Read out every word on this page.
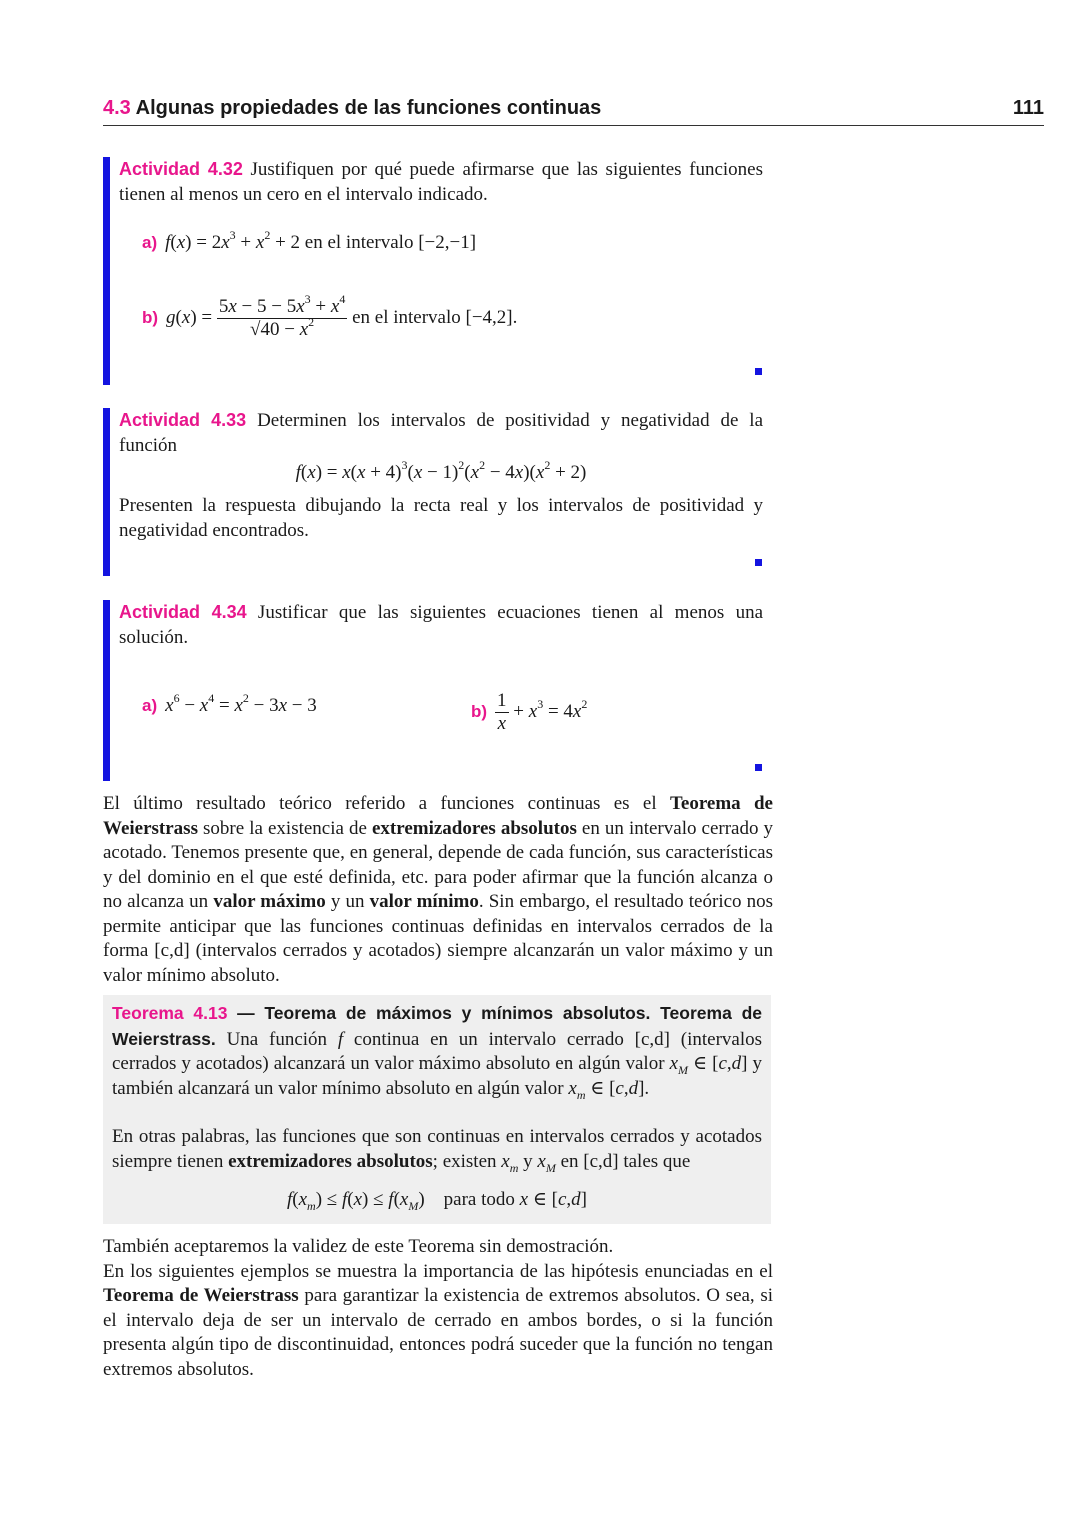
4.3 Algunas propiedades de las funciones continuas	111
Actividad 4.32 Justifiquen por qué puede afirmarse que las siguientes funciones tienen al menos un cero en el intervalo indicado.
a) $f(x) = 2x^3 + x^2 + 2$ en el intervalo [−2,−1]
b) $g(x) = \frac{5x - 5 - 5x^3 + x^4}{√40 - x^2}$ en el intervalo [−4,2].
Actividad 4.33 Determinen los intervalos de positividad y negatividad de la función
$f(x) = x(x + 4)^3(x - 1)^2(x^2 - 4x)(x^2 + 2)$
Presenten la respuesta dibujando la recta real y los intervalos de positividad y negatividad encontrados.
Actividad 4.34 Justificar que las siguientes ecuaciones tienen al menos una solución.
a) $x^6 - x^4 = x^2 - 3x - 3$	$b) \frac{1}{x} + x^3 = 4x^2$
El último resultado teórico referido a funciones continuas es el Teorema de Weierstrass sobre la existencia de extremizadores absolutos en un intervalo cerrado y acotado. Tenemos presente que, en general, depende de cada función, sus características y del dominio en el que esté definida, etc. para poder afirmar que la función alcanza o no alcanza un valor máximo y un valor mínimo. Sin embargo, el resultado teórico nos permite anticipar que las funciones continuas definidas en intervalos cerrados de la forma [c,d] (intervalos cerrados y acotados) siempre alcanzarán un valor máximo y un valor mínimo absoluto.
Teorema 4.13 — Teorema de máximos y mínimos absolutos. Teorema de Weierstrass. Una función f continua en un intervalo cerrado [c,d] (intervalos cerrados y acotados) alcanzará un valor máximo absoluto en algún valor $x_M$ ∈ [c,d] y también alcanzará un valor mínimo absoluto en algún valor $x_m$ ∈ [c,d].
En otras palabras, las funciones que son continuas en intervalos cerrados y acotados siempre tienen extremizadores absolutos; existen $x_m$ y $x_M$ en [c,d] tales que
$f(x_m) \le f(x) \le f(x_M)$    para todo x ∈ [c,d]
También aceptaremos la validez de este Teorema sin demostración.
En los siguientes ejemplos se muestra la importancia de las hipótesis enunciadas en el Teorema de Weierstrass para garantizar la existencia de extremos absolutos. O sea, si el intervalo deja de ser un intervalo de cerrado en ambos bordes, o si la función presenta algún tipo de discontinuidad, entonces podrá suceder que la función no tengan extremos absolutos.
